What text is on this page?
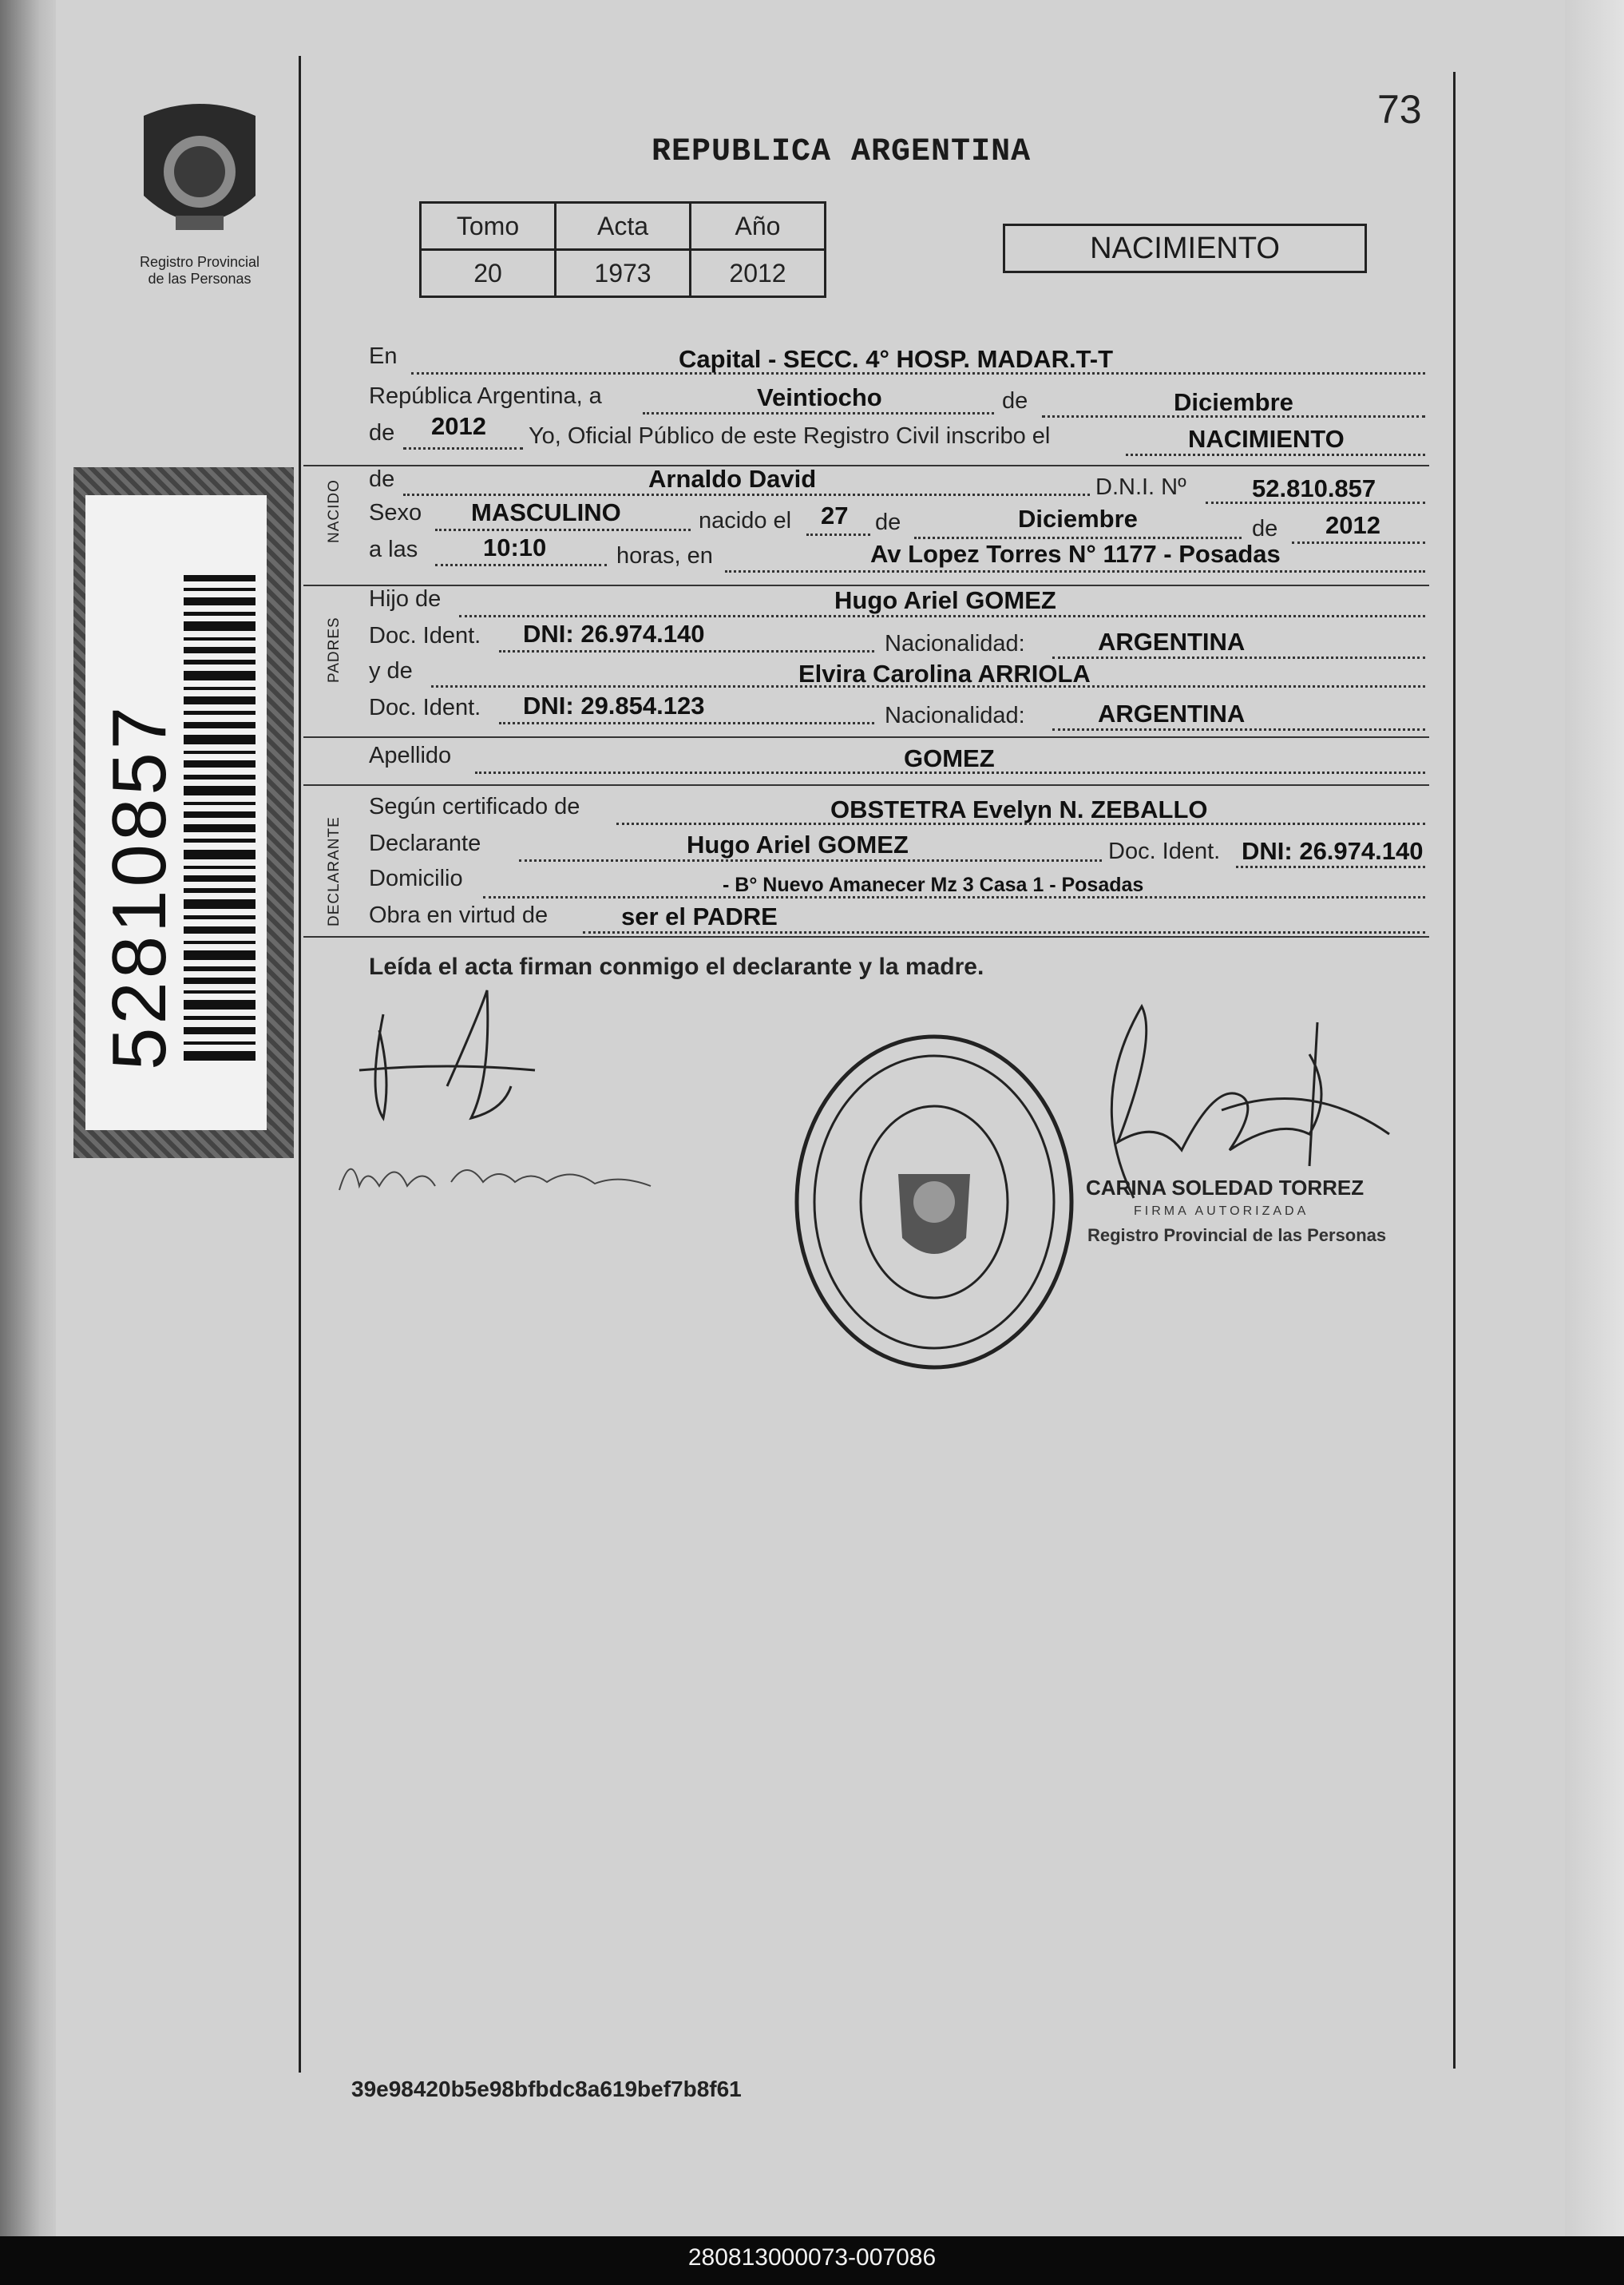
73
REPUBLICA ARGENTINA
Registro Provincial
de las Personas
Tomo	Acta	Año
20	1973	2012
NACIMIENTO
NACIDO
PADRES
DECLARANTE
En	Capital - SECC. 4° HOSP. MADAR.T-T
República Argentina, a	Veintiocho	de	Diciembre
de 2012 Yo, Oficial Público de este Registro Civil inscribo el	NACIMIENTO
de	Arnaldo David	D.N.I. Nº	52.810.857
Sexo MASCULINO	nacido el 27 de	Diciembre	de 2012
a las	10:10	horas, en	Av Lopez Torres N° 1177 - Posadas
Hijo de	Hugo Ariel GOMEZ
Doc. Ident. DNI: 26.974.140	Nacionalidad:	ARGENTINA
y de	Elvira Carolina ARRIOLA
Doc. Ident. DNI: 29.854.123	Nacionalidad:	ARGENTINA
Apellido	GOMEZ
Según certificado de	OBSTETRA Evelyn N. ZEBALLO
Declarante	Hugo Ariel GOMEZ	Doc. Ident. DNI: 26.974.140
Domicilio	- B° Nuevo Amanecer Mz 3 Casa 1 - Posadas
Obra en virtud de	ser el PADRE
Leída el acta firman conmigo el declarante y la madre.
CARINA SOLEDAD TORREZ
FIRMA AUTORIZADA
Registro Provincial de las Personas
52810857
39e98420b5e98bfbdc8a619bef7b8f61
280813000073-007086
